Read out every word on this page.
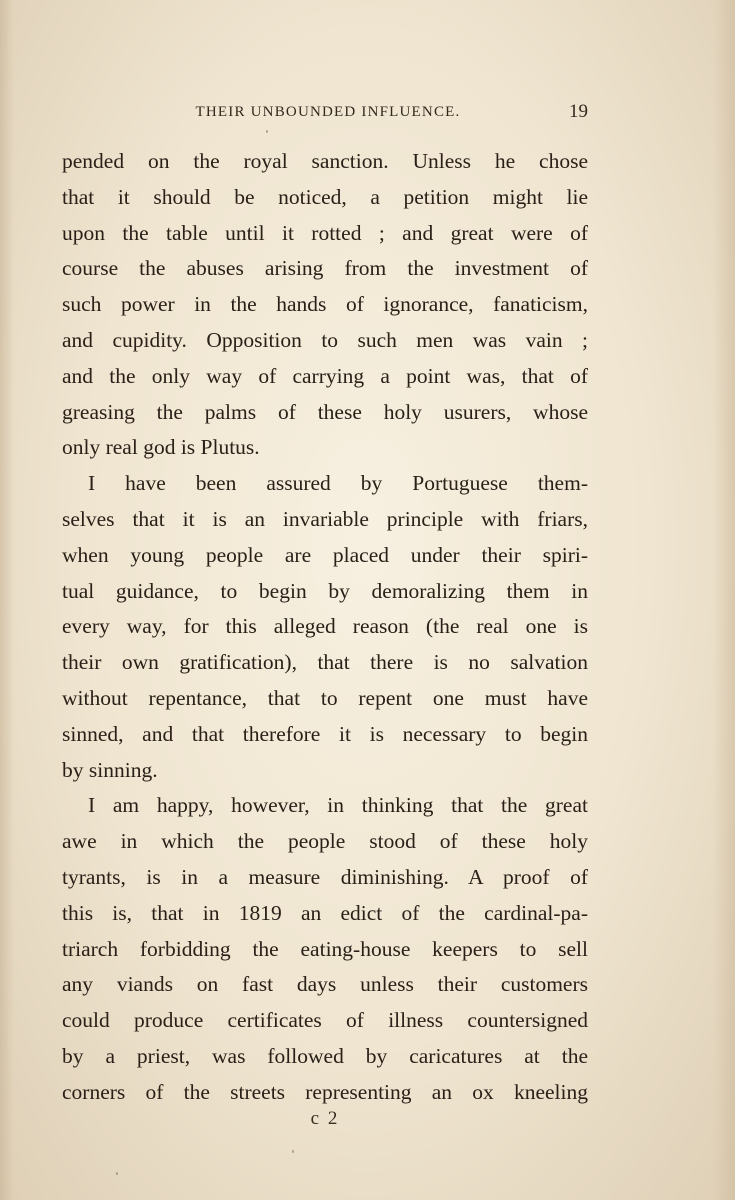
THEIR UNBOUNDED INFLUENCE.	19
pended on the royal sanction. Unless he chose
that it should be noticed, a petition might lie
upon the table until it rotted ; and great were of
course the abuses arising from the investment of
such power in the hands of ignorance, fanaticism,
and cupidity. Opposition to such men was vain ;
and the only way of carrying a point was, that of
greasing the palms of these holy usurers, whose
only real god is Plutus.
I have been assured by Portuguese them-
selves that it is an invariable principle with friars,
when young people are placed under their spiri-
tual guidance, to begin by demoralizing them in
every way, for this alleged reason (the real one is
their own gratification), that there is no salvation
without repentance, that to repent one must have
sinned, and that therefore it is necessary to begin
by sinning.
I am happy, however, in thinking that the great
awe in which the people stood of these holy
tyrants, is in a measure diminishing. A proof of
this is, that in 1819 an edict of the cardinal-pa-
triarch forbidding the eating-house keepers to sell
any viands on fast days unless their customers
could produce certificates of illness countersigned
by a priest, was followed by caricatures at the
corners of the streets representing an ox kneeling
c 2
